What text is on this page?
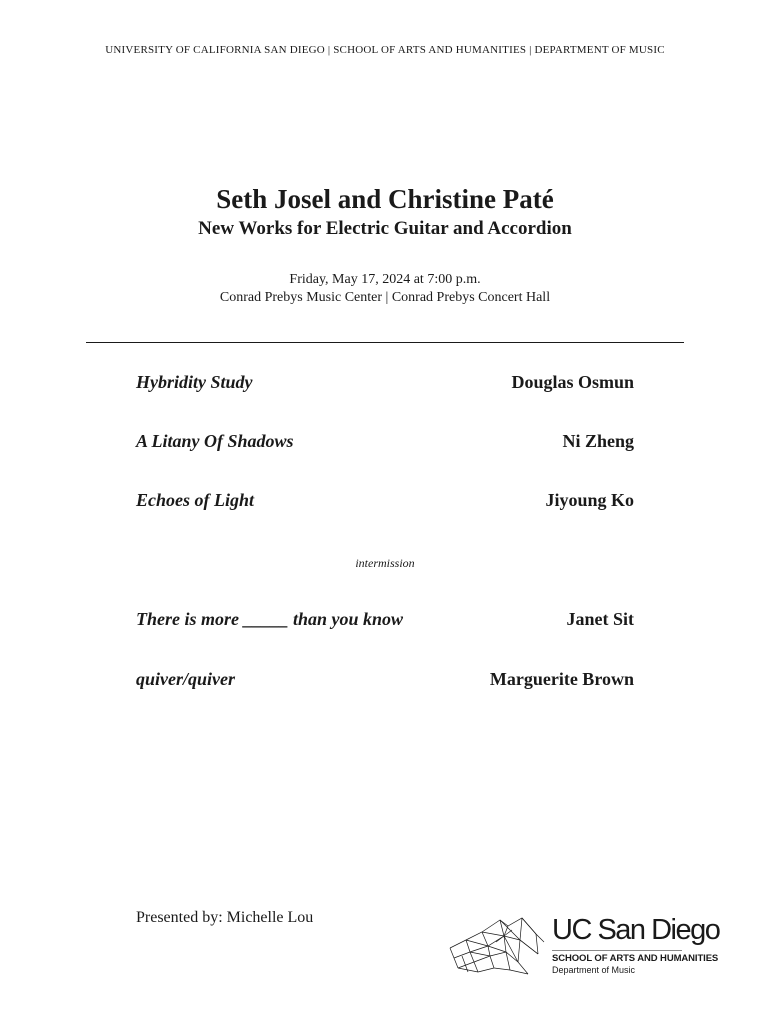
UNIVERSITY OF CALIFORNIA SAN DIEGO | SCHOOL OF ARTS AND HUMANITIES | DEPARTMENT OF MUSIC
Seth Josel and Christine Paté
New Works for Electric Guitar and Accordion
Friday, May 17, 2024 at 7:00 p.m.
Conrad Prebys Music Center | Conrad Prebys Concert Hall
Hybridity Study	Douglas Osmun
A Litany Of Shadows	Ni Zheng
Echoes of Light	Jiyoung Ko
intermission
There is more _____ than you know	Janet Sit
quiver/quiver	Marguerite Brown
Presented by: Michelle Lou	UC San Diego
SCHOOL OF ARTS AND HUMANITIES
Department of Music
